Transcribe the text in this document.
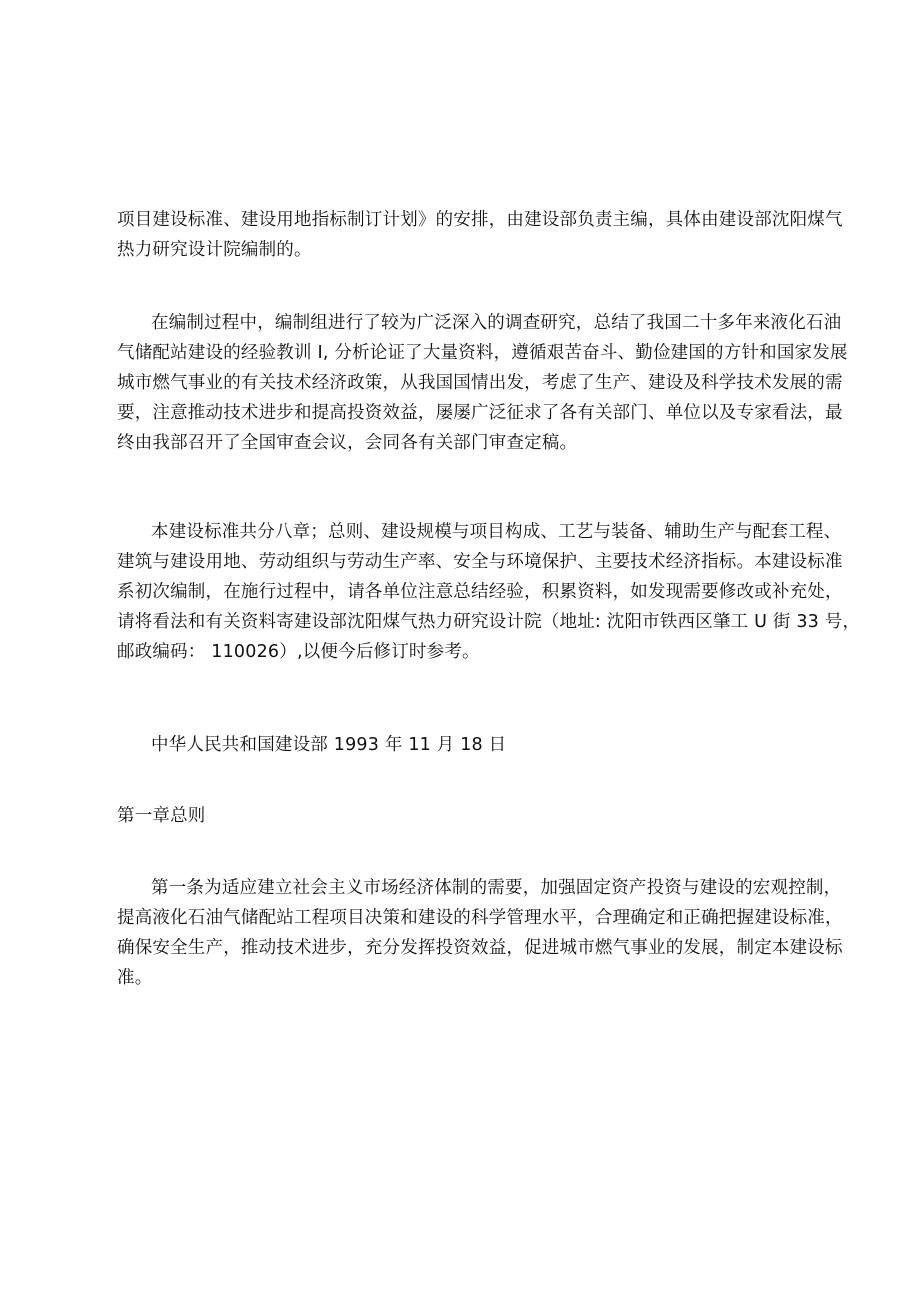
项目建设标准、建设用地指标制订计划》的安排，由建设部负责主编，具体由建设部沈阳煤气
热力研究设计院编制的。
在编制过程中，编制组进行了较为广泛深入的调查研究，总结了我国二十多年来液化石油
气储配站建设的经验教训 I, 分析论证了大量资料，遵循艰苦奋斗、勤俭建国的方针和国家发展
城市燃气事业的有关技术经济政策，从我国国情出发，考虑了生产、建设及科学技术发展的需
要，注意推动技术进步和提高投资效益，屡屡广泛征求了各有关部门、单位以及专家看法，最
终由我部召开了全国审查会议，会同各有关部门审查定稿。
本建设标准共分八章；总则、建设规模与项目构成、工艺与装备、辅助生产与配套工程、
建筑与建设用地、劳动组织与劳动生产率、安全与环境保护、主要技术经济指标。本建设标准
系初次编制，在施行过程中，请各单位注意总结经验，积累资料，如发现需要修改或补充处，
请将看法和有关资料寄建设部沈阳煤气热力研究设计院（地址: 沈阳市铁西区肇工 U 街 33 号，
邮政编码： 110026）,以便今后修订时参考。
中华人民共和国建设部 1993 年 11 月 18 日
第一章总则
第一条为适应建立社会主义市场经济体制的需要，加强固定资产投资与建设的宏观控制，
提高液化石油气储配站工程项目决策和建设的科学管理水平，合理确定和正确把握建设标准，
确保安全生产，推动技术进步，充分发挥投资效益，促进城市燃气事业的发展，制定本建设标
准。
